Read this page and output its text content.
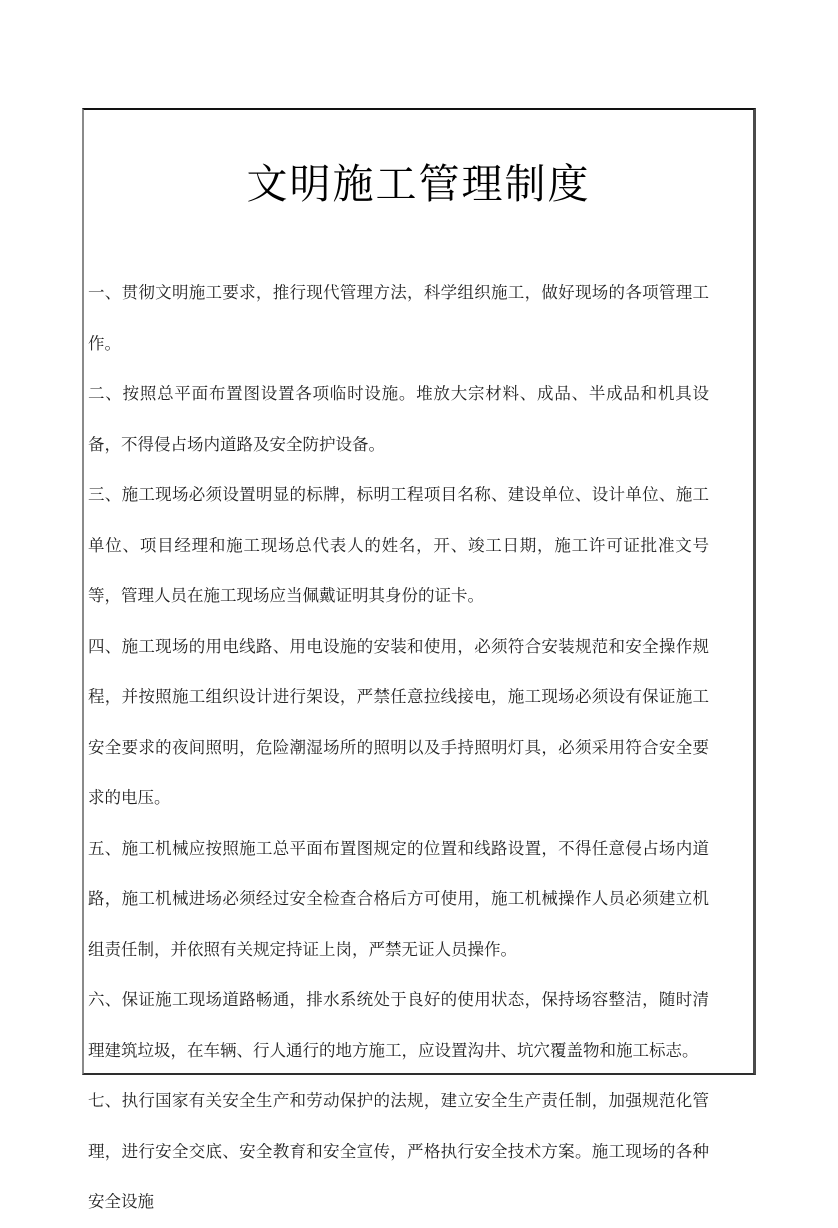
文明施工管理制度

一、贯彻文明施工要求，推行现代管理方法，科学组织施工，做好现场的各项管理工作。

二、按照总平面布置图设置各项临时设施。堆放大宗材料、成品、半成品和机具设备，不得侵占场内道路及安全防护设备。

三、施工现场必须设置明显的标牌，标明工程项目名称、建设单位、设计单位、施工单位、项目经理和施工现场总代表人的姓名，开、竣工日期，施工许可证批准文号等，管理人员在施工现场应当佩戴证明其身份的证卡。

四、施工现场的用电线路、用电设施的安装和使用，必须符合安装规范和安全操作规程，并按照施工组织设计进行架设，严禁任意拉线接电，施工现场必须设有保证施工安全要求的夜间照明，危险潮湿场所的照明以及手持照明灯具，必须采用符合安全要求的电压。

五、施工机械应按照施工总平面布置图规定的位置和线路设置，不得任意侵占场内道路，施工机械进场必须经过安全检查合格后方可使用，施工机械操作人员必须建立机组责任制，并依照有关规定持证上岗，严禁无证人员操作。

六、保证施工现场道路畅通，排水系统处于良好的使用状态，保持场容整洁，随时清理建筑垃圾，在车辆、行人通行的地方施工，应设置沟井、坑穴覆盖物和施工标志。

七、执行国家有关安全生产和劳动保护的法规，建立安全生产责任制，加强规范化管理，进行安全交底、安全教育和安全宣传，严格执行安全技术方案。施工现场的各种安全设施
